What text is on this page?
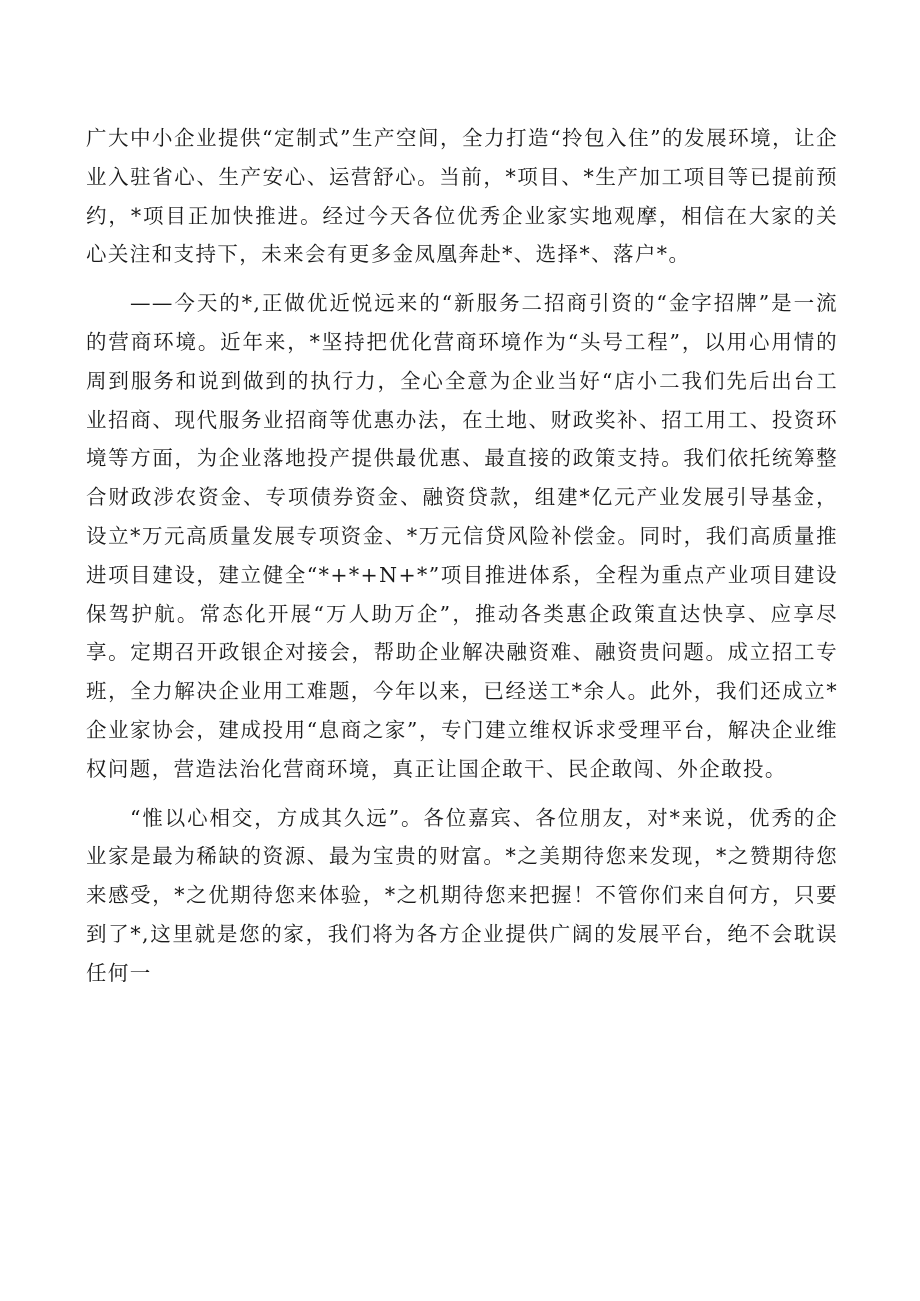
广大中小企业提供“定制式”生产空间，全力打造“拎包入住”的发展环境，让企业入驻省心、生产安心、运营舒心。当前，*项目、*生产加工项目等已提前预约，*项目正加快推进。经过今天各位优秀企业家实地观摩，相信在大家的关心关注和支持下，未来会有更多金凤凰奔赴*、选择*、落户*。

——今天的*,正做优近悦远来的“新服务二招商引资的“金字招牌”是一流的营商环境。近年来，*坚持把优化营商环境作为“头号工程”，以用心用情的周到服务和说到做到的执行力，全心全意为企业当好“店小二我们先后出台工业招商、现代服务业招商等优惠办法，在土地、财政奖补、招工用工、投资环境等方面，为企业落地投产提供最优惠、最直接的政策支持。我们依托统筹整合财政涉农资金、专项债券资金、融资贷款，组建*亿元产业发展引导基金，设立*万元高质量发展专项资金、*万元信贷风险补偿金。同时，我们高质量推进项目建设，建立健全“*+*+N+*”项目推进体系，全程为重点产业项目建设保驾护航。常态化开展“万人助万企”，推动各类惠企政策直达快享、应享尽享。定期召开政银企对接会，帮助企业解决融资难、融资贵问题。成立招工专班，全力解决企业用工难题，今年以来，已经送工*余人。此外，我们还成立*企业家协会，建成投用“息商之家”，专门建立维权诉求受理平台，解决企业维权问题，营造法治化营商环境，真正让国企敢干、民企敢闯、外企敢投。

“惟以心相交，方成其久远”。各位嘉宾、各位朋友，对*来说，优秀的企业家是最为稀缺的资源、最为宝贵的财富。*之美期待您来发现，*之赞期待您来感受，*之优期待您来体验，*之机期待您来把握！不管你们来自何方，只要到了*,这里就是您的家，我们将为各方企业提供广阔的发展平台，绝不会耽误任何一
